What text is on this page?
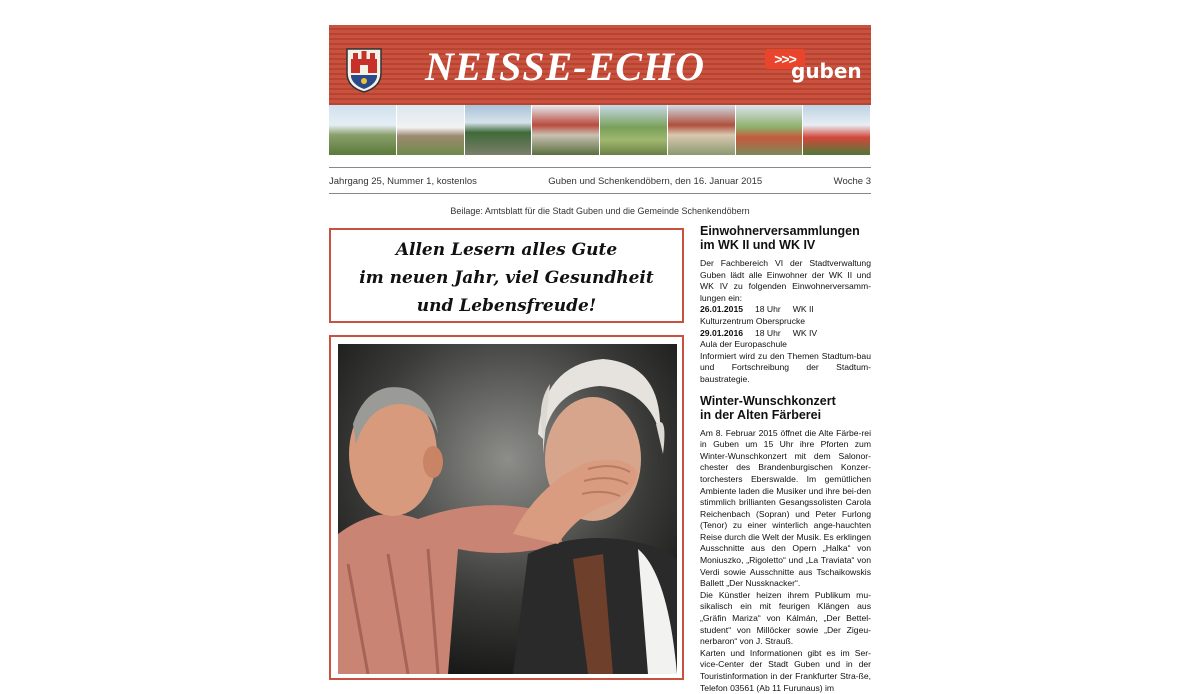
NEISSE-ECHO	>>>
guben
Jahrgang 25, Nummer 1, kostenlos	Guben und Schenkendöbern, den 16. Januar 2015	Woche 3
Beilage: Amtsblatt für die Stadt Guben und die Gemeinde Schenkendöbern
Allen Lesern alles Gute
im neuen Jahr, viel Gesundheit
und Lebensfreude!
Einwohnerversammlungen
im WK II und WK IV

Der Fachbereich VI der Stadtverwaltung Guben lädt alle Einwohner der WK II und WK IV zu folgenden Einwohnerversamm-lungen ein:

26.01.2015 18 Uhr WK II
Kulturzentrum Obersprucke
29.01.2016 18 Uhr WK IV
Aula der Europaschule

Informiert wird zu den Themen Stadtum-bau und Fortschreibung der Stadtum-baustrategie.

Winter-Wunschkonzert
in der Alten Färberei

Am 8. Februar 2015 öffnet die Alte Färbe-rei in Guben um 15 Uhr ihre Pforten zum Winter-Wunschkonzert mit dem Salonor-chester des Brandenburgischen Konzer-torchesters Eberswalde. Im gemütlichen Ambiente laden die Musiker und ihre bei-den stimmlich brillianten Gesangssolisten Carola Reichenbach (Sopran) und Peter Furlong (Tenor) zu einer winterlich ange-hauchten Reise durch die Welt der Musik. Es erklingen Ausschnitte aus den Opern „Halka“ von Moniuszko, „Rigoletto“ und „La Traviata“ von Verdi sowie Ausschnitte aus Tschaikowskis Ballett „Der Nussknacker“.

Die Künstler heizen ihrem Publikum mu-sikalisch ein mit feurigen Klängen aus „Gräfin Mariza“ von Kálmán, „Der Bettel-student“ von Millöcker sowie „Der Zigeu-nerbaron“ von J. Strauß.

Karten und Informationen gibt es im Ser-vice-Center der Stadt Guben und in der Touristinformation in der Frankfurter Stra-ße, Telefon 03561 (Ab 11 Furunaus) im
